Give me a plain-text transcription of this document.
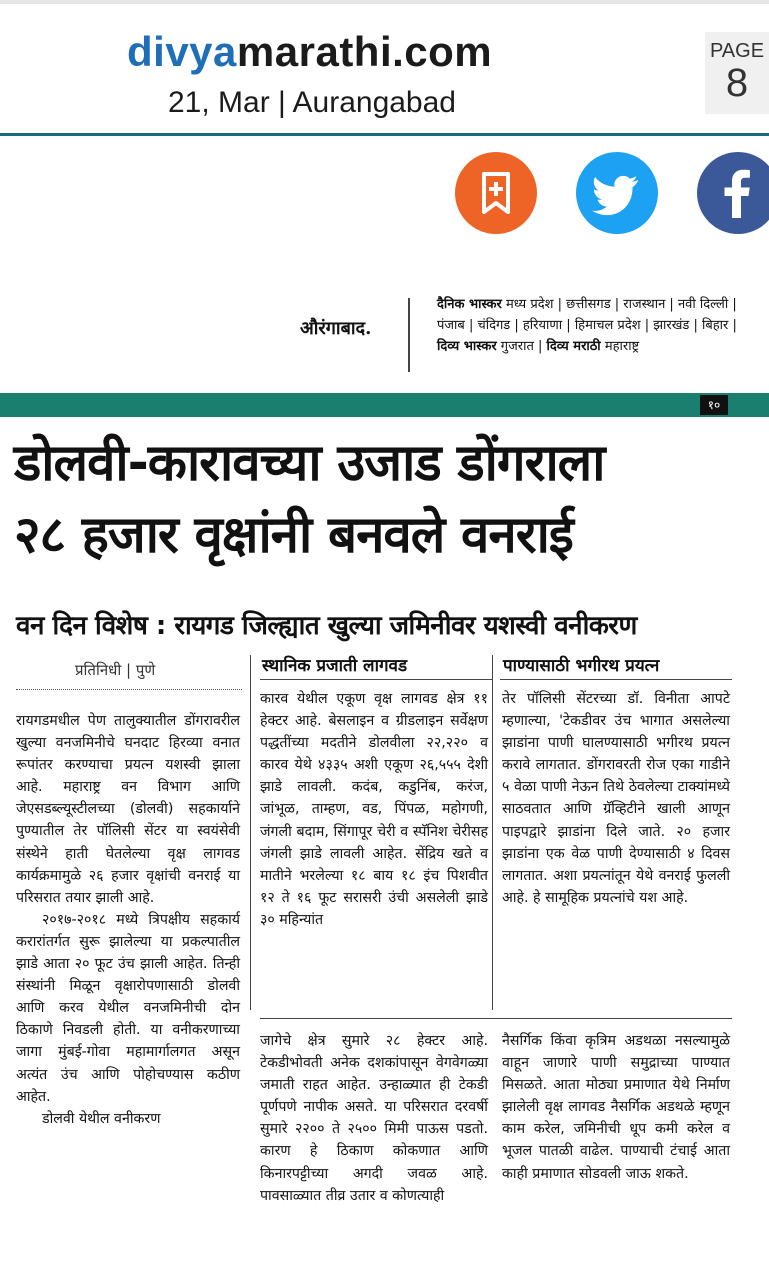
divyamarathi.com
21, Mar | Aurangabad
PAGE
8
औरंगाबाद.
दैनिक भास्कर मध्य प्रदेश | छत्तीसगड | राजस्थान | नवी दिल्ली | पंजाब | चंदिगड | हरियाणा | हिमाचल प्रदेश | झारखंड | बिहार | दिव्य भास्कर गुजरात | दिव्य मराठी महाराष्ट्र
१०
डोलवी-कारावच्या उजाड डोंगराला
२८ हजार वृक्षांनी बनवले वनराई
वन दिन विशेष : रायगड जिल्ह्यात खुल्या जमिनीवर यशस्वी वनीकरण
प्रतिनिधी | पुणे	स्थानिक प्रजाती लागवड	पाण्यासाठी भगीरथ प्रयत्न

रायगडमधील पेण तालुक्यातील डोंगरावरील खुल्या वनजमिनीचे घनदाट हिरव्या वनात रूपांतर करण्याचा प्रयत्न यशस्वी झाला आहे. महाराष्ट्र वन विभाग आणि जेएसडब्ल्यूस्टीलच्या (डोलवी) सहकार्याने पुण्यातील तेर पॉलिसी सेंटर या स्वयंसेवी संस्थेने हाती घेतलेल्या वृक्ष लागवड कार्यक्रमामुळे २६ हजार वृक्षांची वनराई या परिसरात तयार झाली आहे.

२०१७-२०१८ मध्ये त्रिपक्षीय सहकार्य करारांतर्गत सुरू झालेल्या या प्रकल्पातील झाडे आता २० फूट उंच झाली आहेत. तिन्ही संस्थांनी मिळून वृक्षारोपणासाठी डोलवी आणि करव येथील वनजमिनीची दोन ठिकाणे निवडली होती. या वनीकरणाच्या जागा मुंबई-गोवा महामार्गालगत असून अत्यंत उंच आणि पोहोचण्यास कठीण आहेत.

डोलवी येथील वनीकरण

कारव येथील एकूण वृक्ष लागवड क्षेत्र ११ हेक्टर आहे. बेसलाइन व ग्रीडलाइन सर्वेक्षण पद्धतींच्या मदतीने डोलवीला २२,२२० व कारव येथे ४३३५ अशी एकूण २६,५५५ देशी झाडे लावली. कदंब, कडुनिंब, करंज, जांभूळ, ताम्हण, वड, पिंपळ, महोगणी, जंगली बदाम, सिंगापूर चेरी व स्पॅनिश चेरीसह जंगली झाडे लावली आहेत. सेंद्रिय खते व मातीने भरलेल्या १८ बाय १८ इंच पिशवीत १२ ते १६ फूट सरासरी उंची असलेली झाडे ३० महिन्यांत

तेर पॉलिसी सेंटरच्या डॉ. विनीता आपटे म्हणाल्या, 'टेकडीवर उंच भागात असलेल्या झाडांना पाणी घालण्यासाठी भगीरथ प्रयत्न करावे लागतात. डोंगरावरती रोज एका गाडीने ५ वेळा पाणी नेऊन तिथे ठेवलेल्या टाक्यांमध्ये साठवतात आणि ग्रॅव्हिटीने खाली आणून पाइपद्वारे झाडांना दिले जाते. २० हजार झाडांना एक वेळ पाणी देण्यासाठी ४ दिवस लागतात. अशा प्रयत्नांतून येथे वनराई फुलली आहे. हे सामूहिक प्रयत्नांचे यश आहे.

जागेचे क्षेत्र सुमारे २८ हेक्टर आहे. टेकडीभोवती अनेक दशकांपासून वेगवेगळ्या जमाती राहत आहेत. उन्हाळ्यात ही टेकडी पूर्णपणे नापीक असते. या परिसरात दरवर्षी सुमारे २२०० ते २५०० मिमी पाऊस पडतो. कारण हे ठिकाण कोकणात आणि किनारपट्टीच्या अगदी जवळ आहे. पावसाळ्यात तीव्र उतार व कोणत्याही

नैसर्गिक किंवा कृत्रिम अडथळा नसल्यामुळे वाहून जाणारे पाणी समुद्राच्या पाण्यात मिसळते. आता मोठ्या प्रमाणात येथे निर्माण झालेली वृक्ष लागवड नैसर्गिक अडथळे म्हणून काम करेल, जमिनीची धूप कमी करेल व भूजल पातळी वाढेल. पाण्याची टंचाई आता काही प्रमाणात सोडवली जाऊ शकते.
